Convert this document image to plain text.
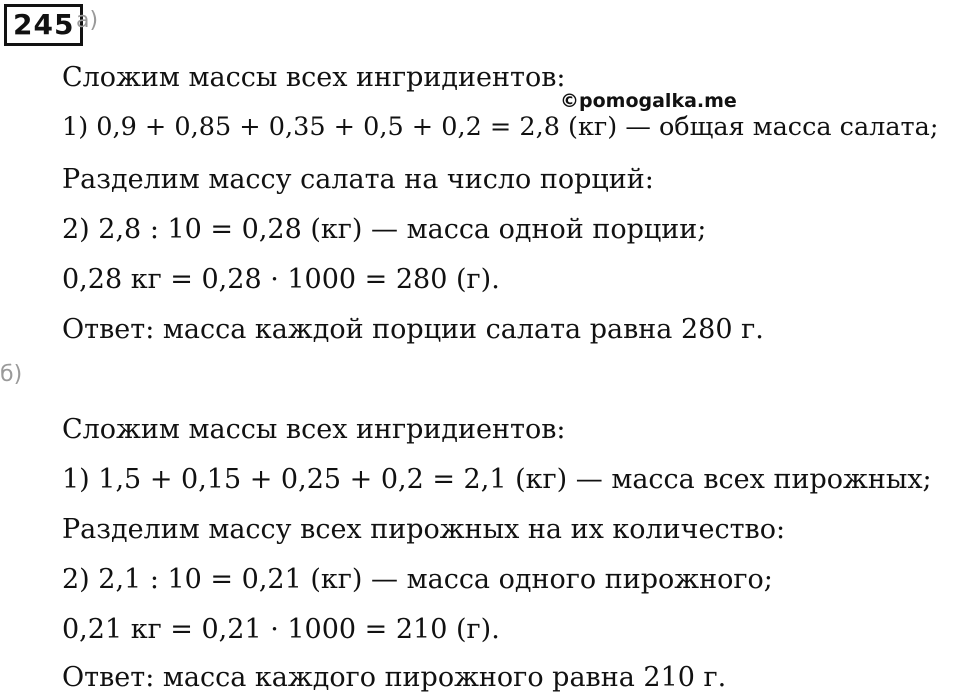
245 а)
©pomogalka.me
Сложим массы всех ингридиентов:
1) 0,9 + 0,85 + 0,35 + 0,5 + 0,2 = 2,8 (кг) — общая масса салата;
Разделим массу салата на число порций:
2) 2,8 : 10 = 0,28 (кг) — масса одной порции;
0,28 кг = 0,28 · 1000 = 280 (г).
Ответ: масса каждой порции салата равна 280 г.
б)
Сложим массы всех ингридиентов:
1) 1,5 + 0,15 + 0,25 + 0,2 = 2,1 (кг) — масса всех пирожных;
Разделим массу всех пирожных на их количество:
2) 2,1 : 10 = 0,21 (кг) — масса одного пирожного;
0,21 кг = 0,21 · 1000 = 210 (г).
Ответ: масса каждого пирожного равна 210 г.
